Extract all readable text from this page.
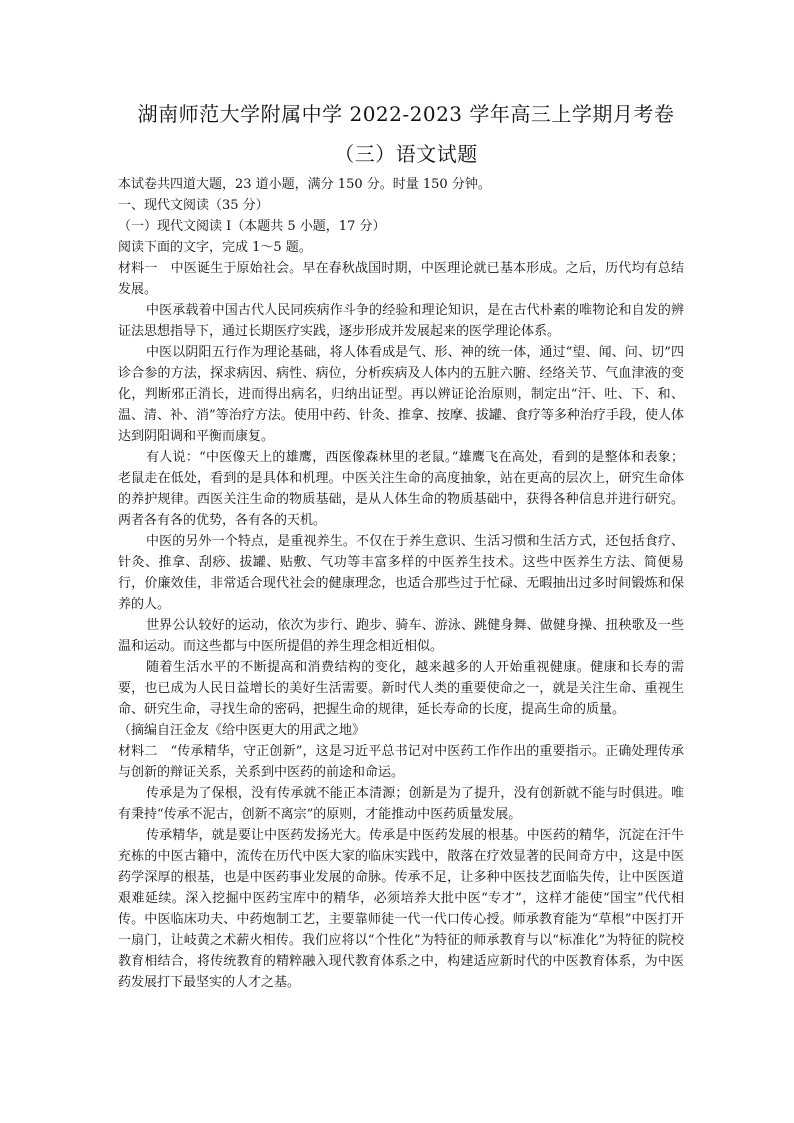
湖南师范大学附属中学 2022-2023 学年高三上学期月考卷
（三）语文试题

本试卷共四道大题，23 道小题，满分 150 分。时量 150 分钟。

一、现代文阅读（35 分）

（一）现代文阅读 I（本题共 5 小题，17 分）

阅读下面的文字，完成 1～5 题。

材料一 中医诞生于原始社会。早在春秋战国时期，中医理论就已基本形成。之后，历代均有总结发展。

中医承载着中国古代人民同疾病作斗争的经验和理论知识，是在古代朴素的唯物论和自发的辨证法思想指导下，通过长期医疗实践，逐步形成并发展起来的医学理论体系。

中医以阴阳五行作为理论基础，将人体看成是气、形、神的统一体，通过“望、闻、问、切”四诊合参的方法，探求病因、病性、病位，分析疾病及人体内的五脏六腑、经络关节、气血津液的变化，判断邪正消长，进而得出病名，归纳出证型。再以辨证论治原则，制定出“汗、吐、下、和、温、清、补、消”等治疗方法。使用中药、针灸、推拿、按摩、拔罐、食疗等多种治疗手段，使人体达到阴阳调和平衡而康复。

有人说：“中医像天上的雄鹰，西医像森林里的老鼠。”雄鹰飞在高处，看到的是整体和表象；老鼠走在低处，看到的是具体和机理。中医关注生命的高度抽象，站在更高的层次上，研究生命体的养护规律。西医关注生命的物质基础，是从人体生命的物质基础中，获得各种信息并进行研究。两者各有各的优势，各有各的天机。

中医的另外一个特点，是重视养生。不仅在于养生意识、生活习惯和生活方式，还包括食疗、针灸、推拿、刮痧、拔罐、贴敷、气功等丰富多样的中医养生技术。这些中医养生方法、简便易行，价廉效佳，非常适合现代社会的健康理念，也适合那些过于忙碌、无暇抽出过多时间锻炼和保养的人。

世界公认较好的运动，依次为步行、跑步、骑车、游泳、跳健身舞、做健身操、扭秧歌及一些温和运动。而这些都与中医所提倡的养生理念相近相似。

随着生活水平的不断提高和消费结构的变化，越来越多的人开始重视健康。健康和长寿的需要，也已成为人民日益增长的美好生活需要。新时代人类的重要使命之一，就是关注生命、重视生命、研究生命，寻找生命的密码，把握生命的规律，延长寿命的长度，提高生命的质量。

（摘编自汪金友《给中医更大的用武之地》

材料二 “传承精华，守正创新”，这是习近平总书记对中医药工作作出的重要指示。正确处理传承与创新的辩证关系，关系到中医药的前途和命运。

传承是为了保根，没有传承就不能正本清源；创新是为了提升，没有创新就不能与时俱进。唯有秉持“传承不泥古，创新不离宗”的原则，才能推动中医药质量发展。

传承精华，就是要让中医药发扬光大。传承是中医药发展的根基。中医药的精华，沉淀在汗牛充栋的中医古籍中，流传在历代中医大家的临床实践中，散落在疗效显著的民间奇方中，这是中医药学深厚的根基，也是中医药事业发展的命脉。传承不足，让多种中医技艺面临失传，让中医医道艰难延续。深入挖掘中医药宝库中的精华，必须培养大批中医“专才”，这样才能使“国宝”代代相传。中医临床功夫、中药炮制工艺，主要靠师徒一代一代口传心授。师承教育能为“草根”中医打开一扇门，让岐黄之术薪火相传。我们应将以“个性化”为特征的师承教育与以“标准化”为特征的院校教育相结合，将传统教育的精粹融入现代教育体系之中，构建适应新时代的中医教育体系，为中医药发展打下最坚实的人才之基。
